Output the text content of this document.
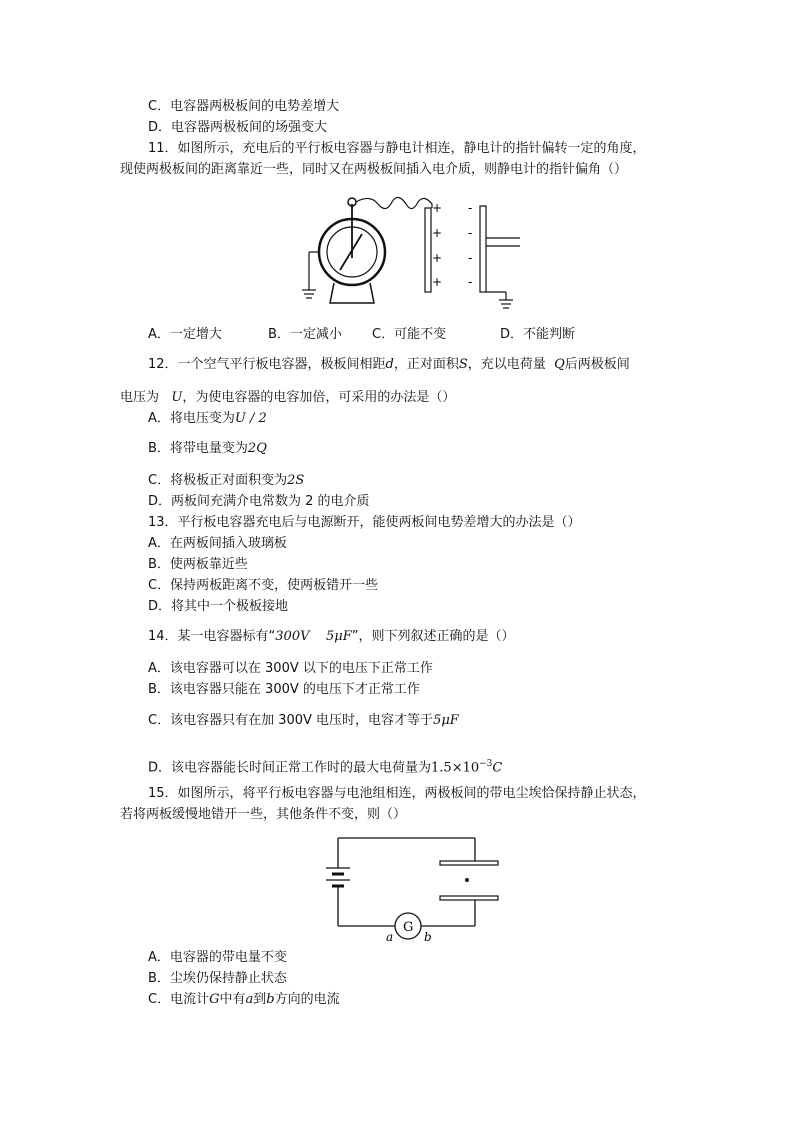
C．电容器两极板间的电势差增大
D．电容器两极板间的场强变大
11．如图所示，充电后的平行板电容器与静电计相连，静电计的指针偏转一定的角度，
现使两极板间的距离靠近一些，同时又在两极板间插入电介质，则静电计的指针偏角（）
+
+
+
+
-
-
-
-
A．一定增大	B．一定减小 C．可能不变	D．不能判断
12．一个空气平行板电容器，极板间相距d，正对面积S，充以电荷量 Q后两极板间
电压为 U，为使电容器的电容加倍，可采用的办法是（）
A．将电压变为U / 2
B．将带电量变为2Q
C．将极板正对面积变为2S
D．两板间充满介电常数为 2 的电介质
13．平行板电容器充电后与电源断开，能使两板间电势差增大的办法是（）
A．在两板间插入玻璃板
B．使两板靠近些
C．保持两板距离不变，使两板错开一些
D．将其中一个极板接地
14．某一电容器标有“300V    5μF”，则下列叙述正确的是（）
A．该电容器可以在 300V 以下的电压下正常工作
B．该电容器只能在 300V 的电压下才正常工作
C．该电容器只有在加 300V 电压时，电容才等于5μF
D．该电容器能长时间正常工作时的最大电荷量为$1.5\times 10^{-3}C$
15．如图所示，将平行板电容器与电池组相连，两极板间的带电尘埃恰保持静止状态，
若将两板缓慢地错开一些，其他条件不变，则（）
G
a	b
A．电容器的带电量不变
B．尘埃仍保持静止状态
C．电流计G中有a到b方向的电流
